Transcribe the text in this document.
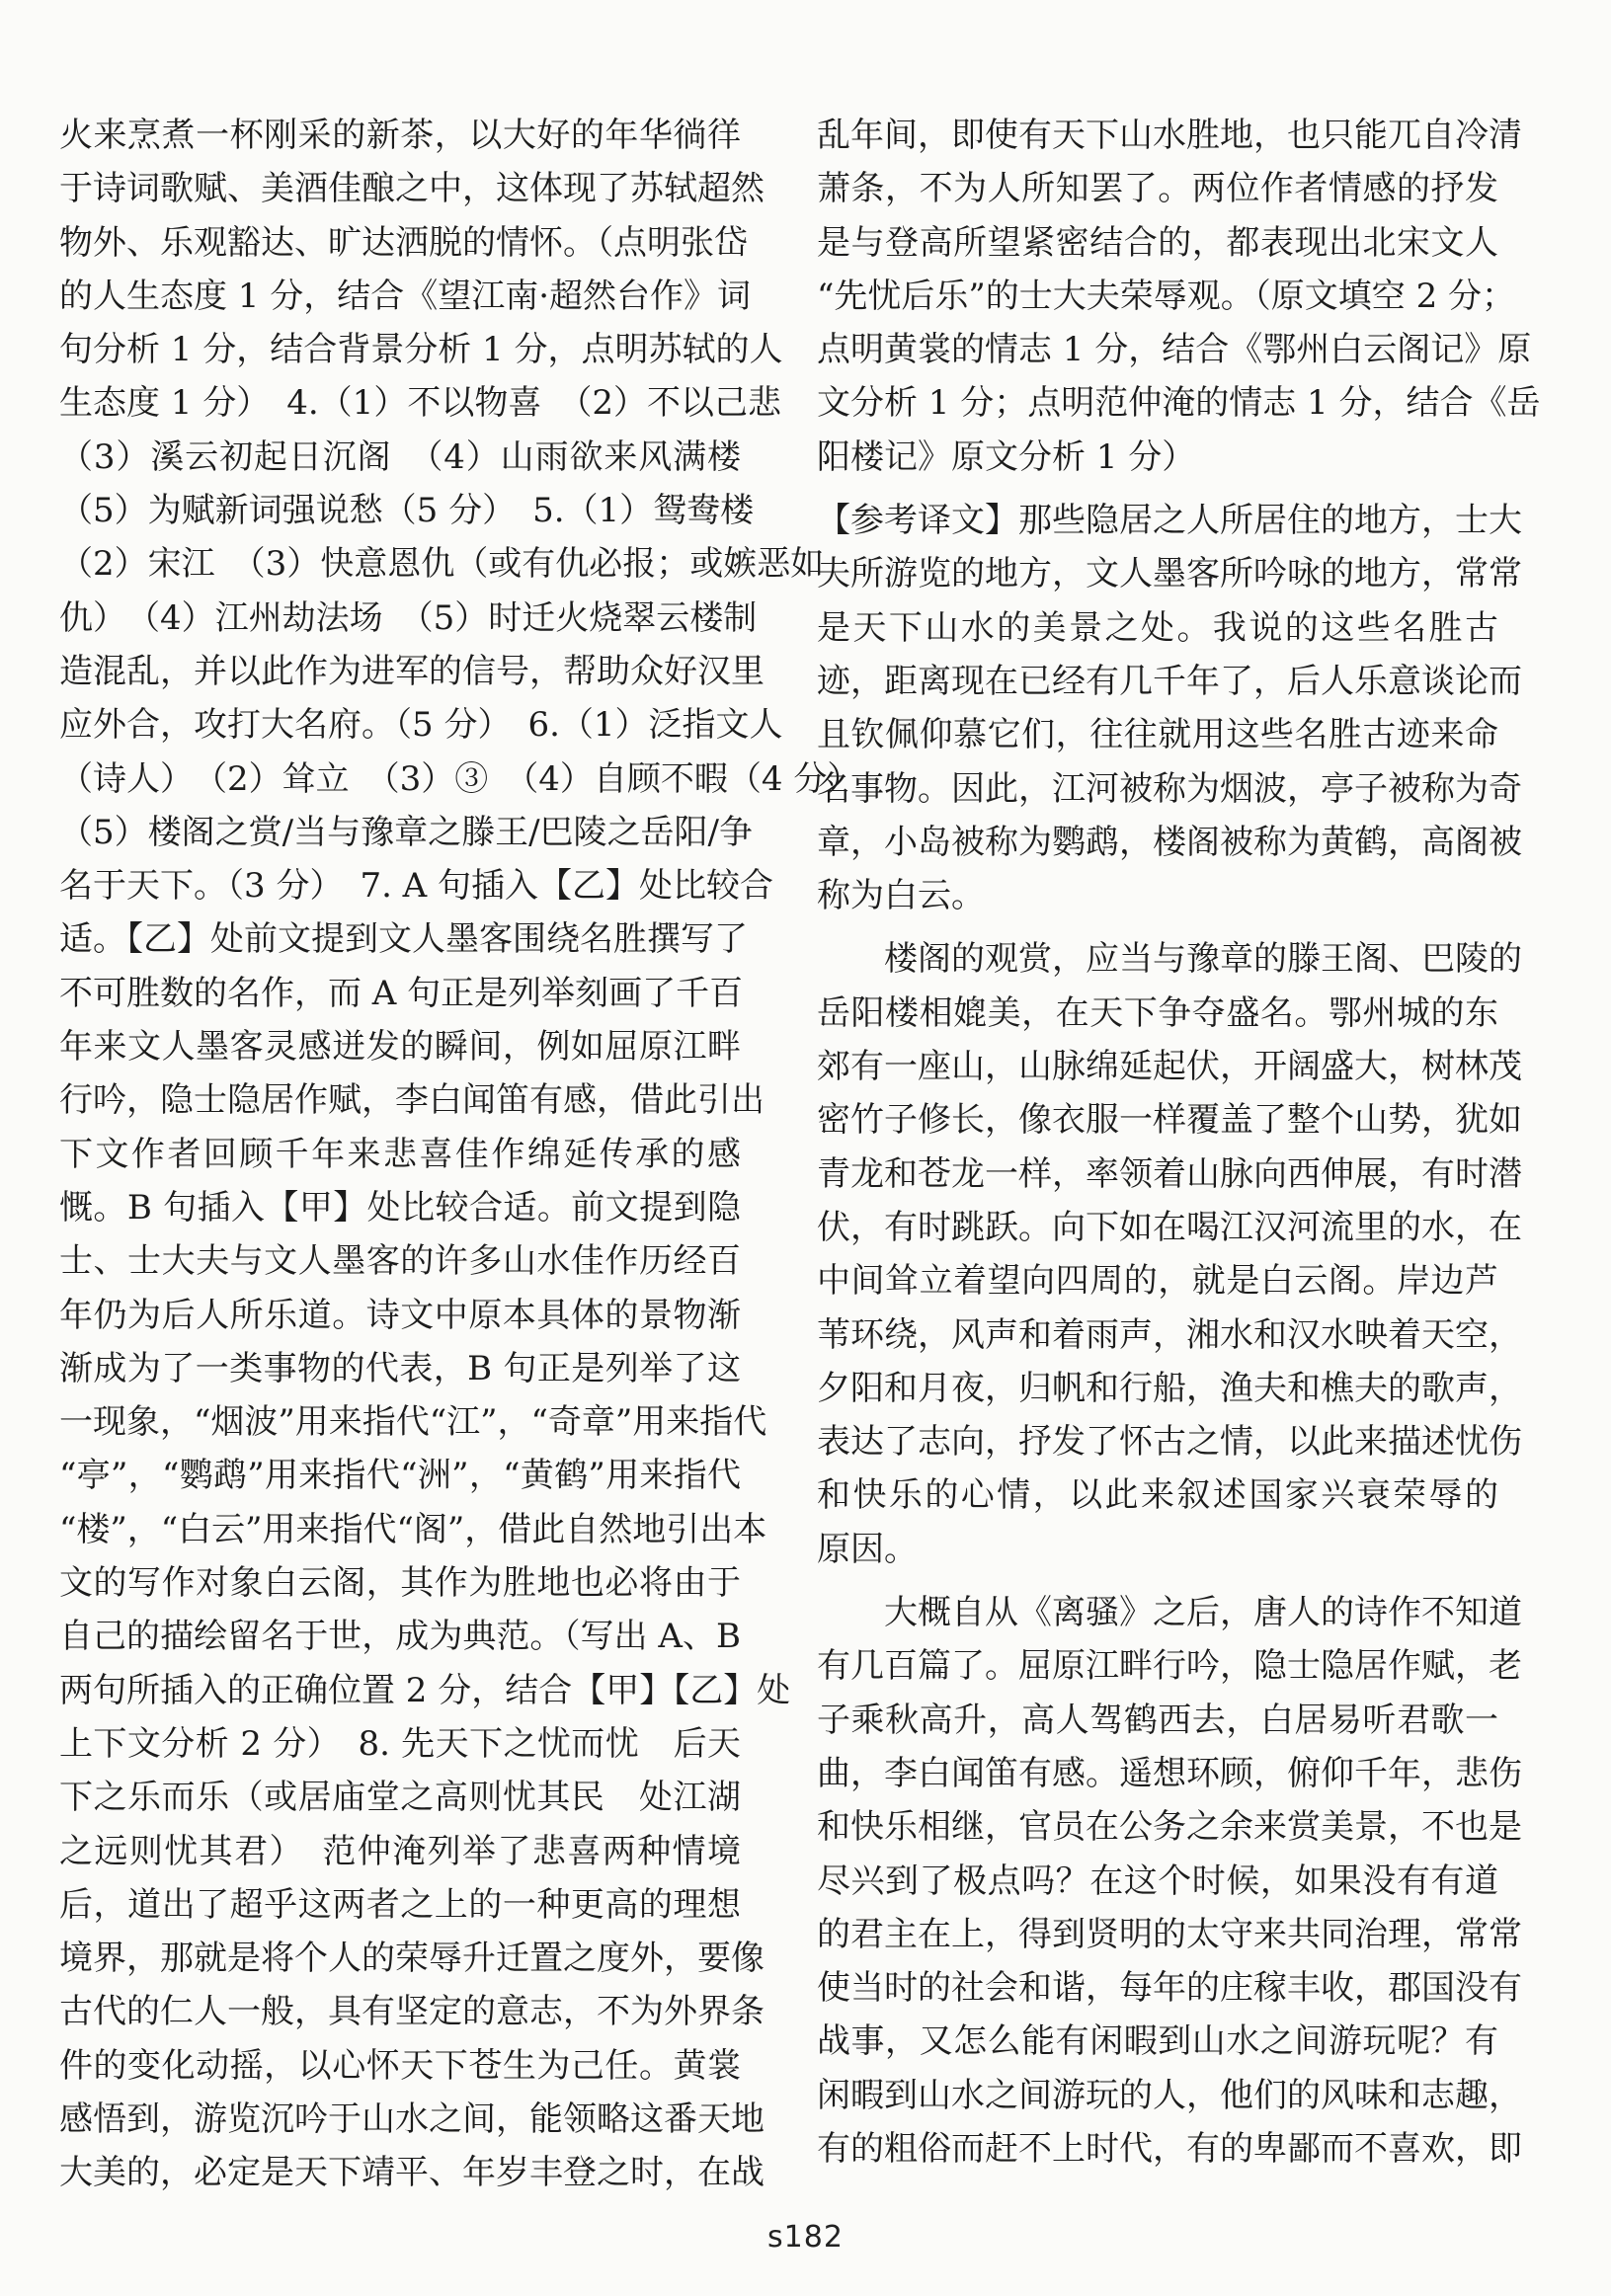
火来烹煮一杯刚采的新茶，以大好的年华徜徉
于诗词歌赋、美酒佳酿之中，这体现了苏轼超然
物外、乐观豁达、旷达洒脱的情怀。（点明张岱
的人生态度 1 分，结合《望江南·超然台作》词
句分析 1 分，结合背景分析 1 分，点明苏轼的人
生态度 1 分）　4.（1）不以物喜　（2）不以己悲
（3）溪云初起日沉阁　（4）山雨欲来风满楼
（5）为赋新词强说愁（5 分）　5.（1）鸳鸯楼
（2）宋江　（3）快意恩仇（或有仇必报；或嫉恶如
仇）　（4）江州劫法场　（5）时迁火烧翠云楼制
造混乱，并以此作为进军的信号，帮助众好汉里
应外合，攻打大名府。（5 分）　6.（1）泛指文人
（诗人）　（2）耸立　（3）③　（4）自顾不暇（4 分）
（5）楼阁之赏/当与豫章之滕王/巴陵之岳阳/争
名于天下。（3 分）　7. A 句插入【乙】处比较合
适。【乙】处前文提到文人墨客围绕名胜撰写了
不可胜数的名作，而 A 句正是列举刻画了千百
年来文人墨客灵感迸发的瞬间，例如屈原江畔
行吟，隐士隐居作赋，李白闻笛有感，借此引出
下文作者回顾千年来悲喜佳作绵延传承的感
慨。B 句插入【甲】处比较合适。前文提到隐
士、士大夫与文人墨客的许多山水佳作历经百
年仍为后人所乐道。诗文中原本具体的景物渐
渐成为了一类事物的代表，B 句正是列举了这
一现象，“烟波”用来指代“江”，“奇章”用来指代
“亭”，“鹦鹉”用来指代“洲”，“黄鹤”用来指代
“楼”，“白云”用来指代“阁”，借此自然地引出本
文的写作对象白云阁，其作为胜地也必将由于
自己的描绘留名于世，成为典范。（写出 A、B
两句所插入的正确位置 2 分，结合【甲】【乙】处
上下文分析 2 分）　8. 先天下之忧而忧　后天
下之乐而乐（或居庙堂之高则忧其民　处江湖
之远则忧其君）　范仲淹列举了悲喜两种情境
后，道出了超乎这两者之上的一种更高的理想
境界，那就是将个人的荣辱升迁置之度外，要像
古代的仁人一般，具有坚定的意志，不为外界条
件的变化动摇，以心怀天下苍生为己任。黄裳
感悟到，游览沉吟于山水之间，能领略这番天地
大美的，必定是天下靖平、年岁丰登之时，在战
乱年间，即使有天下山水胜地，也只能兀自冷清
萧条，不为人所知罢了。两位作者情感的抒发
是与登高所望紧密结合的，都表现出北宋文人
“先忧后乐”的士大夫荣辱观。（原文填空 2 分；
点明黄裳的情志 1 分，结合《鄂州白云阁记》原
文分析 1 分；点明范仲淹的情志 1 分，结合《岳
阳楼记》原文分析 1 分）
【参考译文】那些隐居之人所居住的地方，士大
夫所游览的地方，文人墨客所吟咏的地方，常常
是天下山水的美景之处。我说的这些名胜古
迹，距离现在已经有几千年了，后人乐意谈论而
且钦佩仰慕它们，往往就用这些名胜古迹来命
名事物。因此，江河被称为烟波，亭子被称为奇
章，小岛被称为鹦鹉，楼阁被称为黄鹤，高阁被
称为白云。
楼阁的观赏，应当与豫章的滕王阁、巴陵的
岳阳楼相媲美，在天下争夺盛名。鄂州城的东
郊有一座山，山脉绵延起伏，开阔盛大，树林茂
密竹子修长，像衣服一样覆盖了整个山势，犹如
青龙和苍龙一样，率领着山脉向西伸展，有时潜
伏，有时跳跃。向下如在喝江汉河流里的水，在
中间耸立着望向四周的，就是白云阁。岸边芦
苇环绕，风声和着雨声，湘水和汉水映着天空，
夕阳和月夜，归帆和行船，渔夫和樵夫的歌声，
表达了志向，抒发了怀古之情，以此来描述忧伤
和快乐的心情，以此来叙述国家兴衰荣辱的
原因。
大概自从《离骚》之后，唐人的诗作不知道
有几百篇了。屈原江畔行吟，隐士隐居作赋，老
子乘秋高升，高人驾鹤西去，白居易听君歌一
曲，李白闻笛有感。遥想环顾，俯仰千年，悲伤
和快乐相继，官员在公务之余来赏美景，不也是
尽兴到了极点吗？在这个时候，如果没有有道
的君主在上，得到贤明的太守来共同治理，常常
使当时的社会和谐，每年的庄稼丰收，郡国没有
战事，又怎么能有闲暇到山水之间游玩呢？有
闲暇到山水之间游玩的人，他们的风味和志趣，
有的粗俗而赶不上时代，有的卑鄙而不喜欢，即
s182
